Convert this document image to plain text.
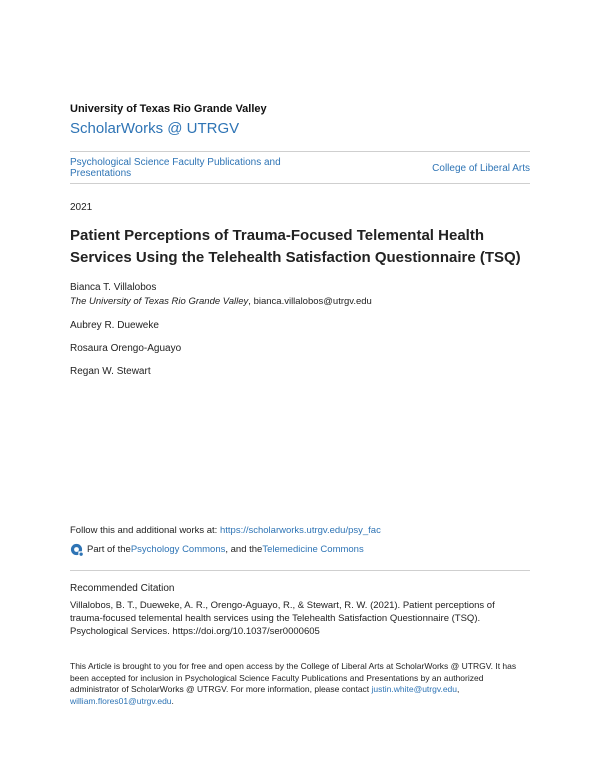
University of Texas Rio Grande Valley
ScholarWorks @ UTRGV
Psychological Science Faculty Publications and Presentations	College of Liberal Arts
2021
Patient Perceptions of Trauma-Focused Telemental Health Services Using the Telehealth Satisfaction Questionnaire (TSQ)
Bianca T. Villalobos
The University of Texas Rio Grande Valley, bianca.villalobos@utrgv.edu
Aubrey R. Dueweke
Rosaura Orengo-Aguayo
Regan W. Stewart
Follow this and additional works at: https://scholarworks.utrgv.edu/psy_fac
Part of the Psychology Commons , and the Telemedicine Commons
Recommended Citation
Villalobos, B. T., Dueweke, A. R., Orengo-Aguayo, R., & Stewart, R. W. (2021). Patient perceptions of trauma-focused telemental health services using the Telehealth Satisfaction Questionnaire (TSQ). Psychological Services. https://doi.org/10.1037/ser0000605
This Article is brought to you for free and open access by the College of Liberal Arts at ScholarWorks @ UTRGV. It has been accepted for inclusion in Psychological Science Faculty Publications and Presentations by an authorized administrator of ScholarWorks @ UTRGV. For more information, please contact justin.white@utrgv.edu, william.flores01@utrgv.edu.
